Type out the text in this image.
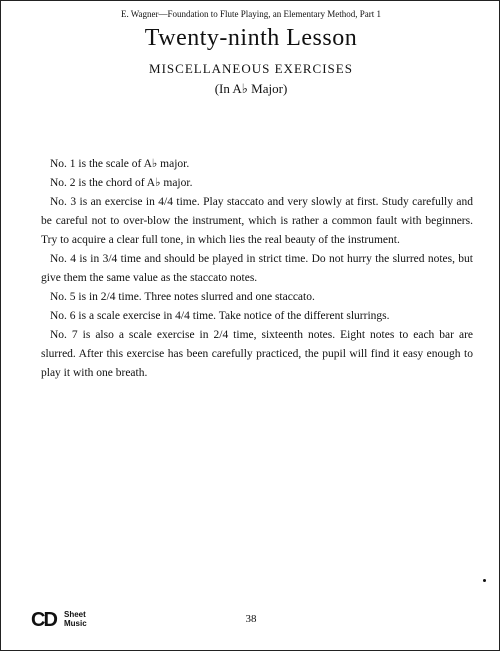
E. Wagner—Foundation to Flute Playing, an Elementary Method, Part 1
Twenty-ninth Lesson
MISCELLANEOUS EXERCISES
(In A♭ Major)

No. 1 is the scale of A♭ major.

No. 2 is the chord of A♭ major.

No. 3 is an exercise in 4/4 time. Play staccato and very slowly at first. Study carefully and be careful not to over-blow the instrument, which is rather a common fault with beginners. Try to acquire a clear full tone, in which lies the real beauty of the instrument.

No. 4 is in 3/4 time and should be played in strict time. Do not hurry the slurred notes, but give them the same value as the staccato notes.

No. 5 is in 2/4 time. Three notes slurred and one staccato.

No. 6 is a scale exercise in 4/4 time. Take notice of the different slurrings.

No. 7 is also a scale exercise in 2/4 time, sixteenth notes. Eight notes to each bar are slurred. After this exercise has been carefully practiced, the pupil will find it easy enough to play it with one breath.

CD Sheet
Music	38
